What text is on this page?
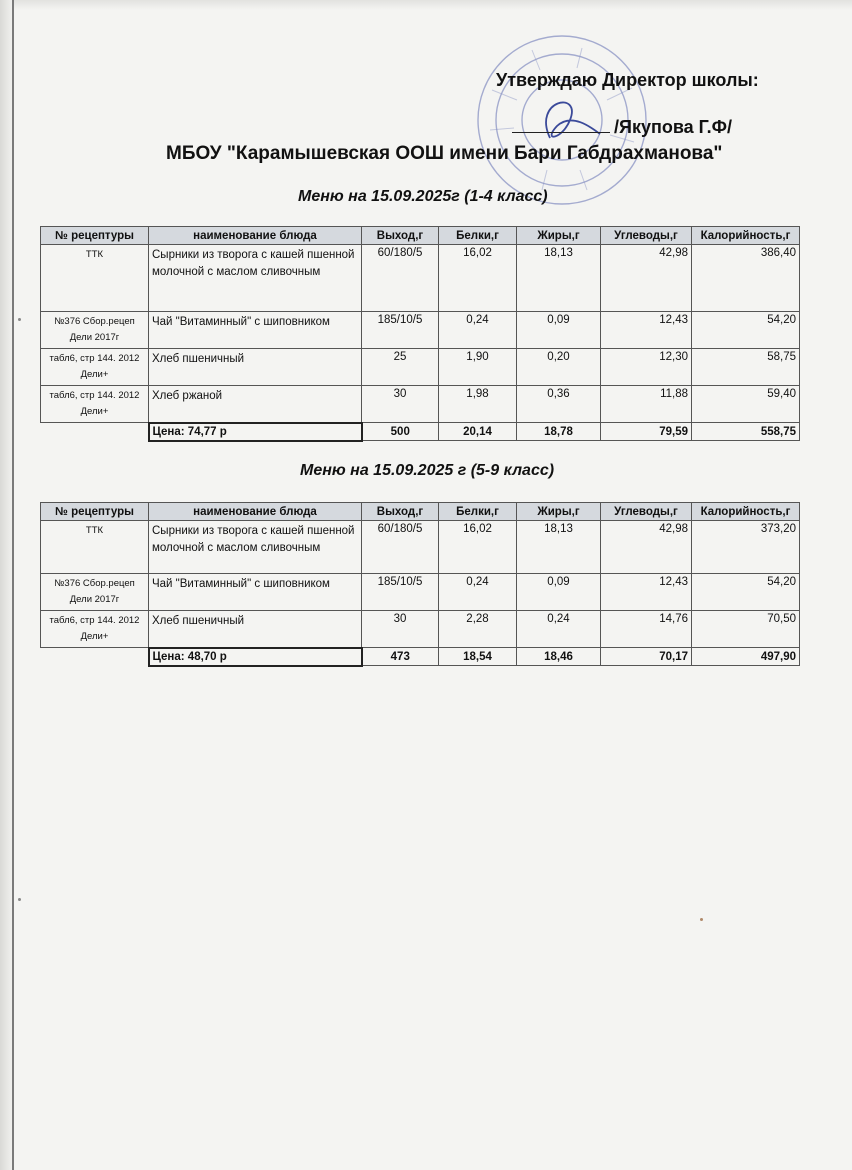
Утверждаю Директор школы:
/Якупова Г.Ф/
МБОУ "Карамышевская ООШ имени Бари Габдрахманова"
Меню на 15.09.2025г (1-4 класс)
№ рецептуры	наименование блюда	Выход,г	Белки,г	Жиры,г	Углеводы,г	Калорийность,г
ТТК	Сырники из творога с кашей пшенной молочной с маслом сливочным	60/180/5	16,02	18,13	42,98	386,40
№376 Сбор.рецеп Дели 2017г	Чай "Витаминный" с шиповником	185/10/5	0,24	0,09	12,43	54,20
табл6, стр 144. 2012 Дели+	Хлеб пшеничный	25	1,90	0,20	12,30	58,75
табл6, стр 144. 2012 Дели+	Хлеб ржаной	30	1,98	0,36	11,88	59,40
	Цена: 74,77 р	500	20,14	18,78	79,59	558,75
Меню на 15.09.2025 г (5-9 класс)
№ рецептуры	наименование блюда	Выход,г	Белки,г	Жиры,г	Углеводы,г	Калорийность,г
ТТК	Сырники из творога с кашей пшенной молочной с маслом сливочным	60/180/5	16,02	18,13	42,98	373,20
№376 Сбор.рецеп Дели 2017г	Чай "Витаминный" с шиповником	185/10/5	0,24	0,09	12,43	54,20
табл6, стр 144. 2012 Дели+	Хлеб пшеничный	30	2,28	0,24	14,76	70,50
	Цена: 48,70 р	473	18,54	18,46	70,17	497,90
